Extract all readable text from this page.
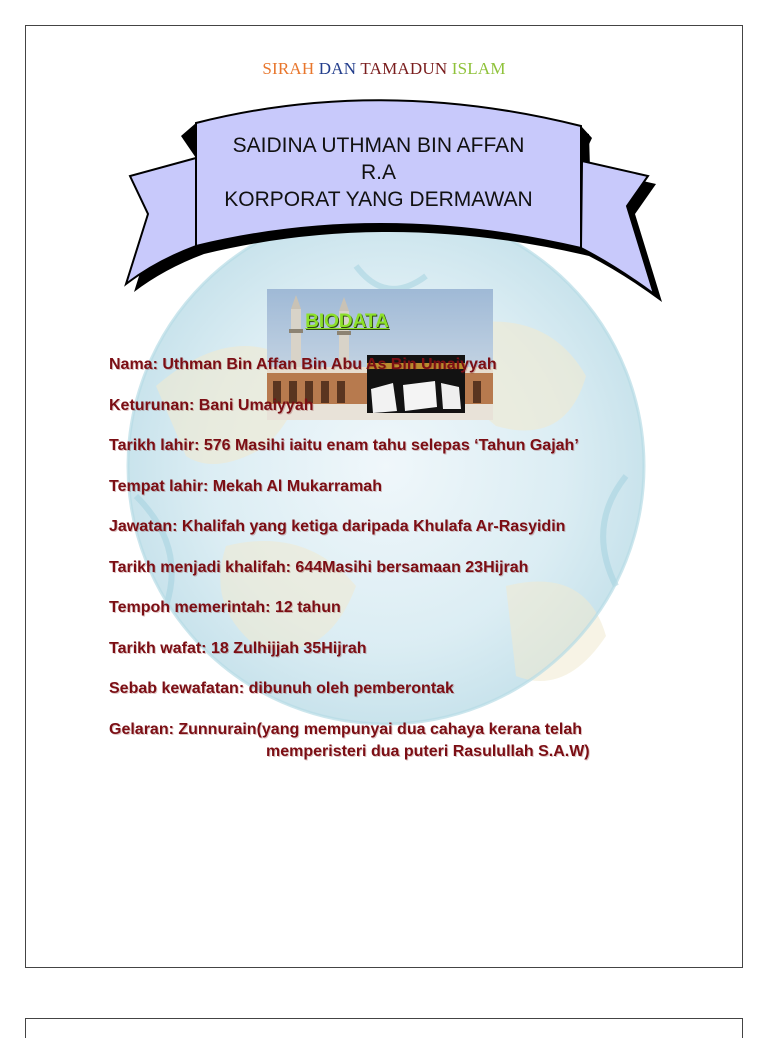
SIRAH DAN TAMADUN ISLAM
SAIDINA UTHMAN BIN AFFAN
R.A
KORPORAT YANG DERMAWAN
BIODATA
Nama: Uthman Bin Affan Bin Abu As Bin Umaiyyah
Keturunan: Bani Umaiyyah
Tarikh lahir: 576 Masihi iaitu enam tahu selepas ‘Tahun Gajah’
Tempat lahir: Mekah Al Mukarramah
Jawatan: Khalifah yang ketiga daripada Khulafa Ar-Rasyidin
Tarikh menjadi khalifah: 644Masihi bersamaan 23Hijrah
Tempoh memerintah: 12 tahun
Tarikh wafat: 18 Zulhijjah 35Hijrah
Sebab kewafatan: dibunuh oleh pemberontak
Gelaran: Zunnurain(yang mempunyai dua cahaya kerana telah
memperisteri dua puteri Rasulullah S.A.W)
